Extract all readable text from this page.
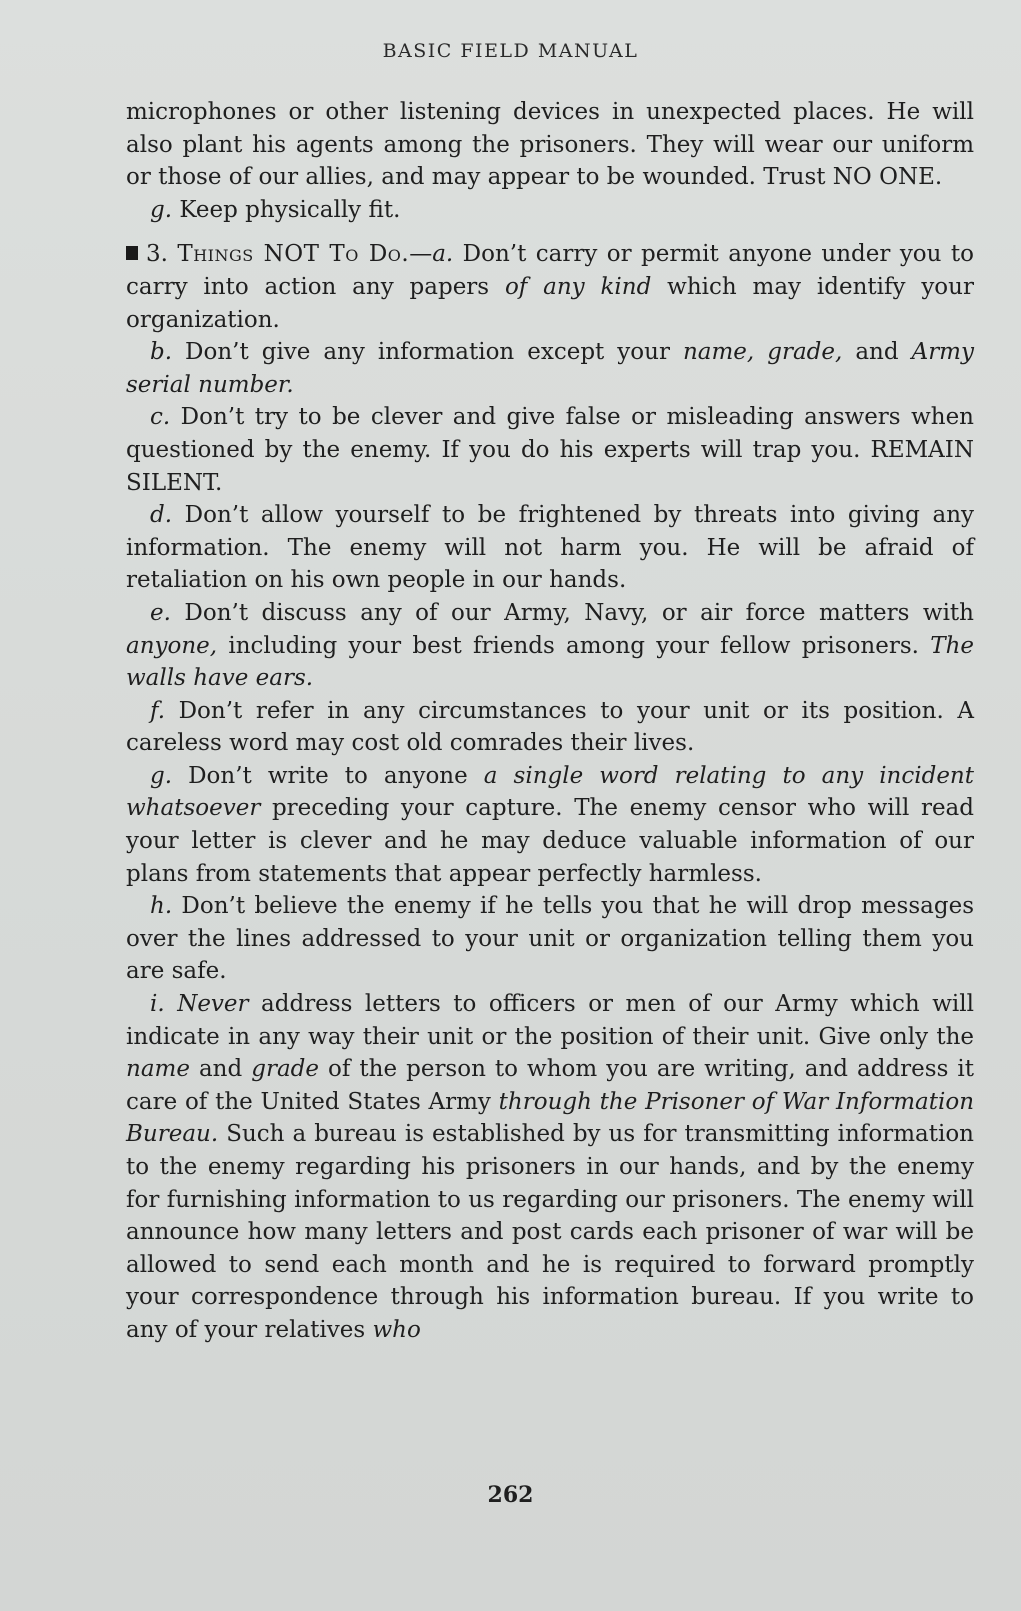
BASIC FIELD MANUAL

microphones or other listening devices in unexpected places. He will also plant his agents among the prisoners. They will wear our uniform or those of our allies, and may appear to be wounded. Trust NO ONE.

g. Keep physically fit.

3. Things NOT To Do.—a. Don’t carry or permit anyone under you to carry into action any papers of any kind which may identify your organization.

b. Don’t give any information except your name, grade, and Army serial number.

c. Don’t try to be clever and give false or misleading answers when questioned by the enemy. If you do his experts will trap you. REMAIN SILENT.

d. Don’t allow yourself to be frightened by threats into giving any information. The enemy will not harm you. He will be afraid of retaliation on his own people in our hands.

e. Don’t discuss any of our Army, Navy, or air force matters with anyone, including your best friends among your fellow prisoners. The walls have ears.

f. Don’t refer in any circumstances to your unit or its position. A careless word may cost old comrades their lives.

g. Don’t write to anyone a single word relating to any incident whatsoever preceding your capture. The enemy censor who will read your letter is clever and he may deduce valuable information of our plans from statements that appear perfectly harmless.

h. Don’t believe the enemy if he tells you that he will drop messages over the lines addressed to your unit or organization telling them you are safe.

i. Never address letters to officers or men of our Army which will indicate in any way their unit or the position of their unit. Give only the name and grade of the person to whom you are writing, and address it care of the United States Army through the Prisoner of War Information Bureau. Such a bureau is established by us for transmitting information to the enemy regarding his prisoners in our hands, and by the enemy for furnishing information to us regarding our prisoners. The enemy will announce how many letters and post cards each prisoner of war will be allowed to send each month and he is required to forward promptly your correspondence through his information bureau. If you write to any of your relatives who

262
